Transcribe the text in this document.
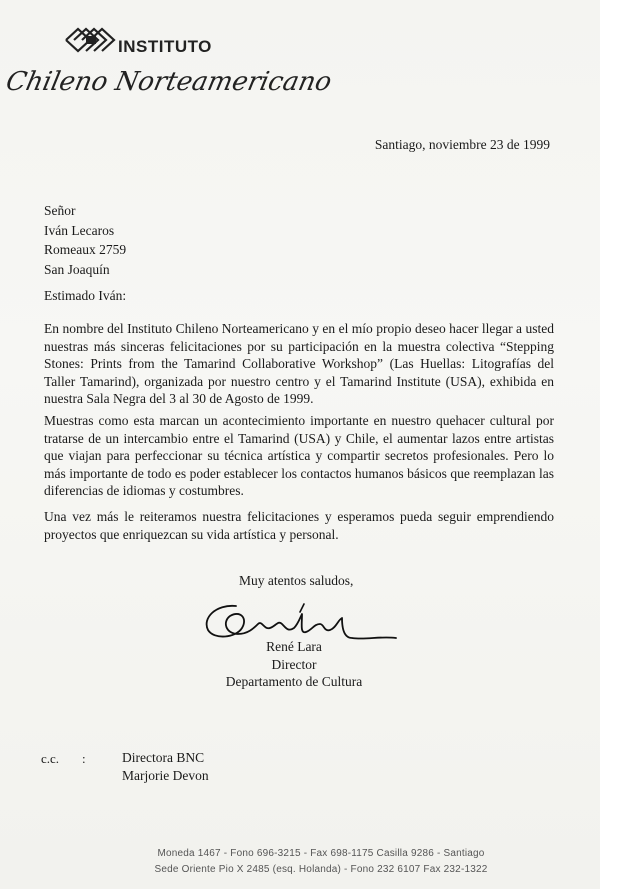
INSTITUTO
Chileno Norteamericano
Santiago, noviembre 23 de 1999
Señor
Iván Lecaros
Romeaux 2759
San Joaquín
Estimado Iván:

En nombre del Instituto Chileno Norteamericano y en el mío propio deseo hacer llegar a usted nuestras más sinceras felicitaciones por su participación en la muestra colectiva “Stepping Stones: Prints from the Tamarind Collaborative Workshop” (Las Huellas: Litografías del Taller Tamarind), organizada por nuestro centro y el Tamarind Institute (USA), exhibida en nuestra Sala Negra del 3 al 30 de Agosto de 1999.

Muestras como esta marcan un acontecimiento importante en nuestro quehacer cultural por tratarse de un intercambio entre el Tamarind (USA) y Chile, el aumentar lazos entre artistas que viajan para perfeccionar su técnica artística y compartir secretos profesionales. Pero lo más importante de todo es poder establecer los contactos humanos básicos que reemplazan las diferencias de idiomas y costumbres.

Una vez más le reiteramos nuestra felicitaciones y esperamos pueda seguir emprendiendo proyectos que enriquezcan su vida artística y personal.

Muy atentos saludos,
René Lara
Director
Departamento de Cultura
c.c. :	Directora BNC
Marjorie Devon
Moneda 1467 - Fono 696-3215 - Fax 698-1175 Casilla 9286 - Santiago
Sede Oriente Pio X 2485 (esq. Holanda) - Fono 232 6107 Fax 232-1322
